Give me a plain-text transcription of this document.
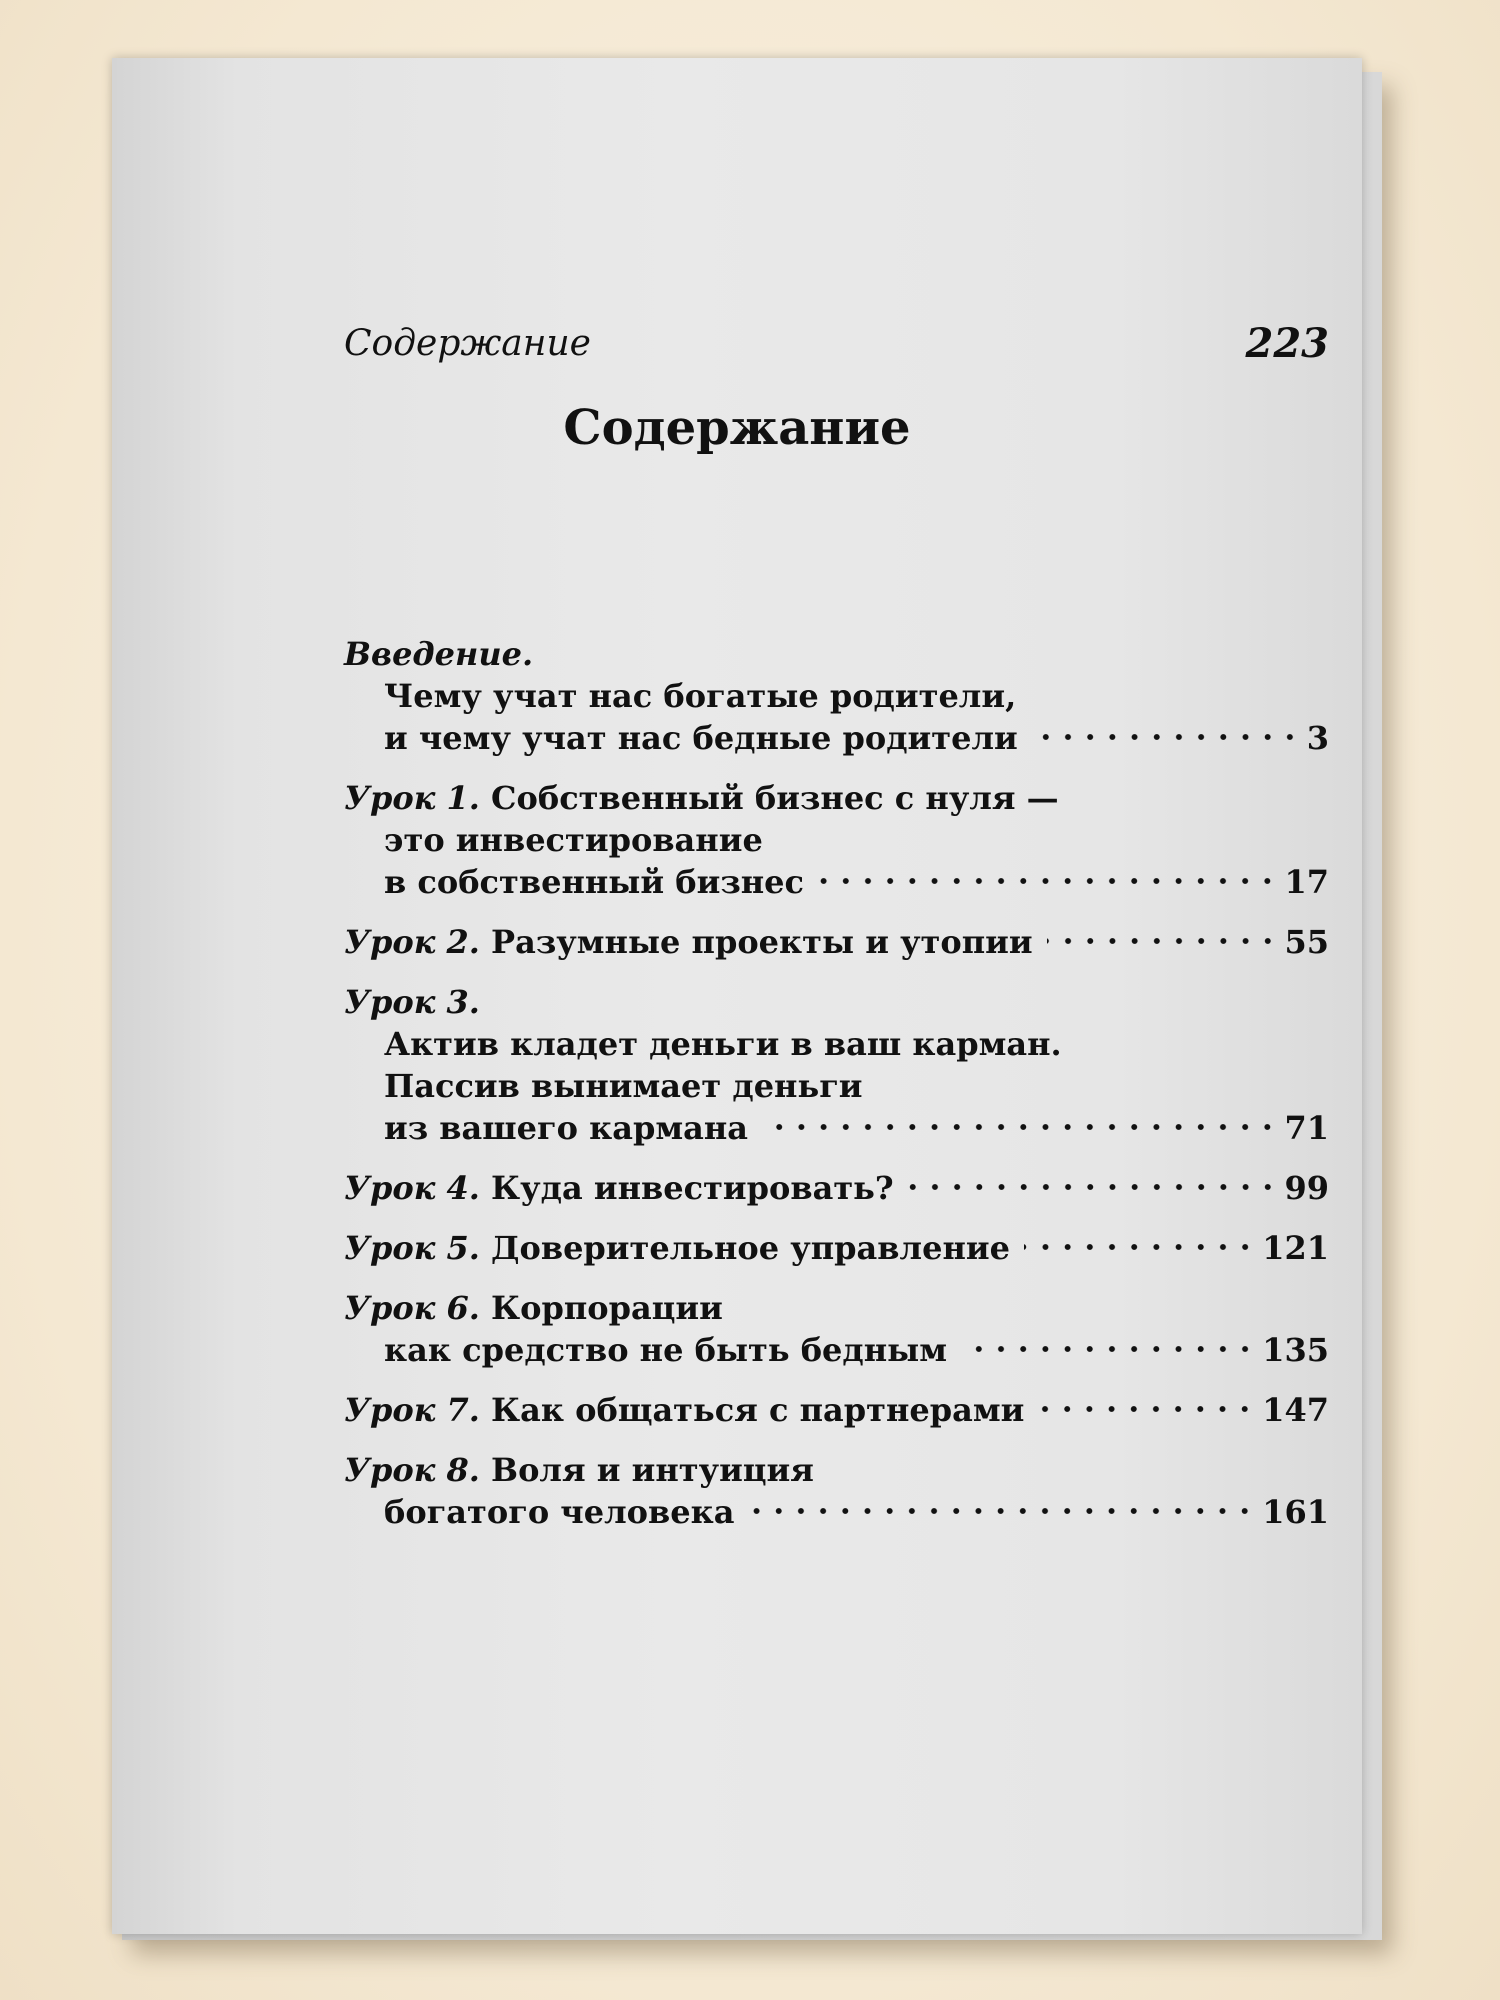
Содержание	223
Содержание
Введение.
Чему учат нас богатые родители,
и чему учат нас бедные родители	3
Урок 1. Собственный бизнес с нуля —
это инвестирование
в собственный бизнес	17
Урок 2.
Разумные проекты и утопии	55
Урок 3.
Актив кладет деньги в ваш карман.
Пассив вынимает деньги
из вашего кармана	71
Урок 4.
Куда инвестировать?	99
Урок 5.
Доверительное управление	121
Урок 6. Корпорации
как средство не быть бедным	135
Урок 7.
Как общаться с партнерами	147
Урок 8. Воля и интуиция
богатого человека	161
